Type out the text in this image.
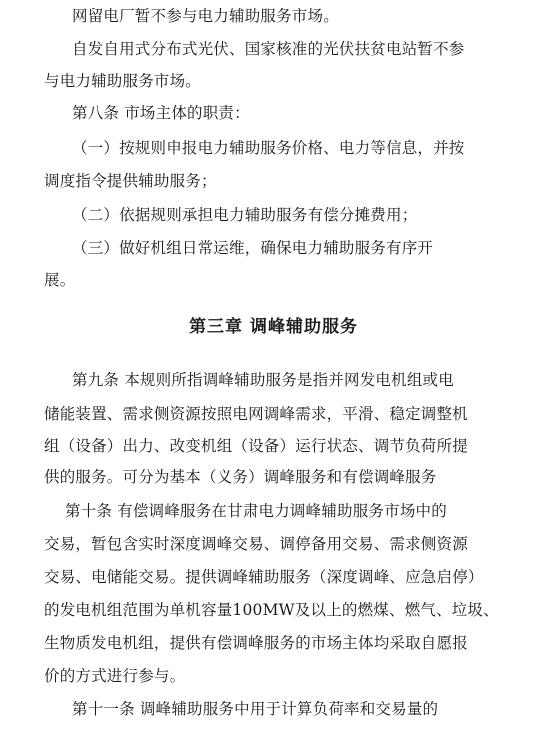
网留电厂暂不参与电力辅助服务市场。
自发自用式分布式光伏、国家核准的光伏扶贫电站暂不参
与电力辅助服务市场。
第八条 市场主体的职责：
（一）按规则申报电力辅助服务价格、电力等信息，并按
调度指令提供辅助服务；
（二）依据规则承担电力辅助服务有偿分摊费用；
（三）做好机组日常运维，确保电力辅助服务有序开
展。
第三章 调峰辅助服务
第九条 本规则所指调峰辅助服务是指并网发电机组或电
储能装置、需求侧资源按照电网调峰需求，平滑、稳定调整机
组（设备）出力、改变机组（设备）运行状态、调节负荷所提
供的服务。可分为基本（义务）调峰服务和有偿调峰服务
第十条 有偿调峰服务在甘肃电力调峰辅助服务市场中的
交易，暂包含实时深度调峰交易、调停备用交易、需求侧资源
交易、电储能交易。提供调峰辅助服务（深度调峰、应急启停）
的发电机组范围为单机容量100MW及以上的燃煤、燃气、垃圾、
生物质发电机组，提供有偿调峰服务的市场主体均采取自愿报
价的方式进行参与。
第十一条 调峰辅助服务中用于计算负荷率和交易量的
